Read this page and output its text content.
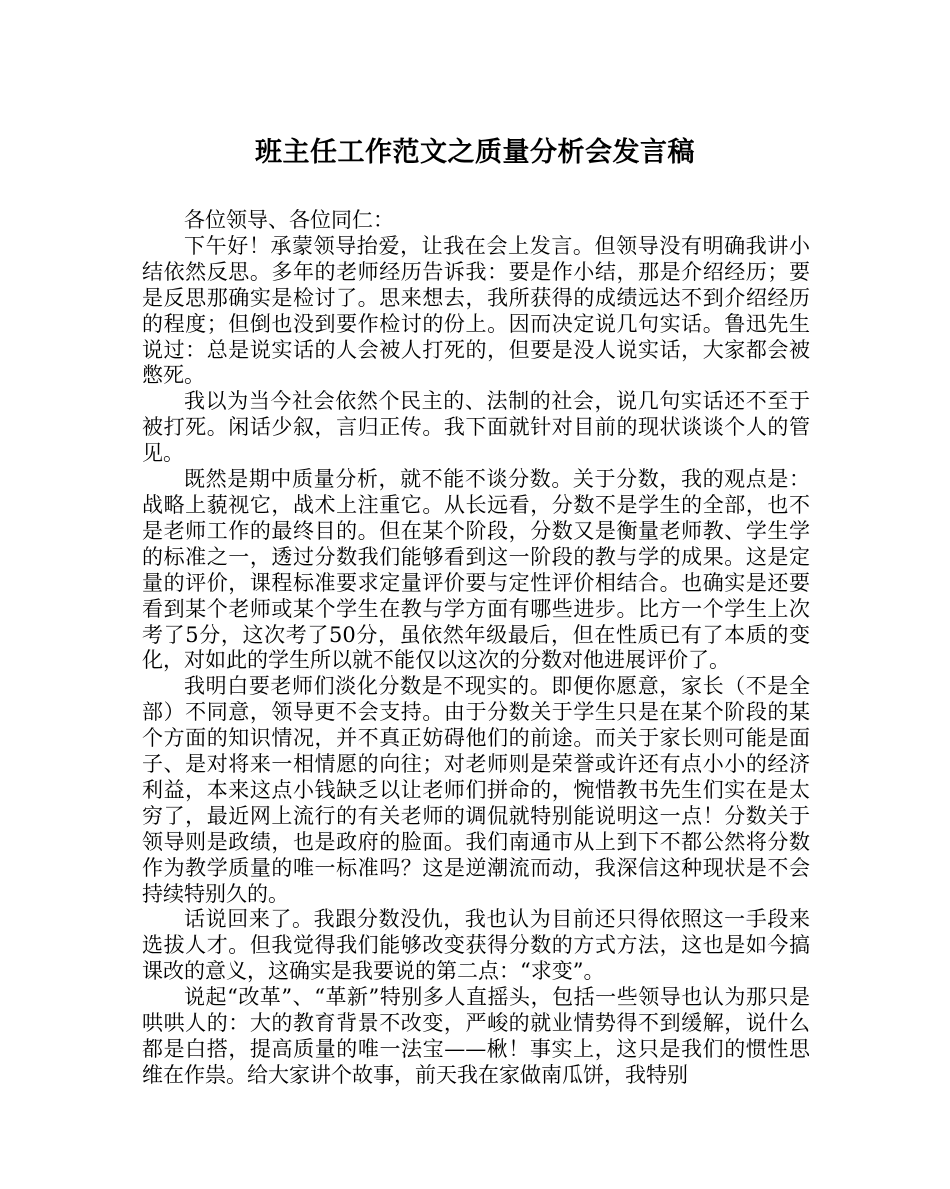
班主任工作范文之质量分析会发言稿

各位领导、各位同仁：

下午好！承蒙领导抬爱，让我在会上发言。但领导没有明确我讲小结依然反思。多年的老师经历告诉我：要是作小结，那是介绍经历；要是反思那确实是检讨了。思来想去，我所获得的成绩远达不到介绍经历的程度；但倒也没到要作检讨的份上。因而决定说几句实话。鲁迅先生说过：总是说实话的人会被人打死的，但要是没人说实话，大家都会被憋死。

我以为当今社会依然个民主的、法制的社会，说几句实话还不至于被打死。闲话少叙，言归正传。我下面就针对目前的现状谈谈个人的管见。

既然是期中质量分析，就不能不谈分数。关于分数，我的观点是：战略上藐视它，战术上注重它。从长远看，分数不是学生的全部，也不是老师工作的最终目的。但在某个阶段，分数又是衡量老师教、学生学的标准之一，透过分数我们能够看到这一阶段的教与学的成果。这是定量的评价，课程标准要求定量评价要与定性评价相结合。也确实是还要看到某个老师或某个学生在教与学方面有哪些进步。比方一个学生上次考了5分，这次考了50分，虽依然年级最后，但在性质已有了本质的变化，对如此的学生所以就不能仅以这次的分数对他进展评价了。

我明白要老师们淡化分数是不现实的。即便你愿意，家长（不是全部）不同意，领导更不会支持。由于分数关于学生只是在某个阶段的某个方面的知识情况，并不真正妨碍他们的前途。而关于家长则可能是面子、是对将来一相情愿的向往；对老师则是荣誉或许还有点小小的经济利益，本来这点小钱缺乏以让老师们拼命的，惋惜教书先生们实在是太穷了，最近网上流行的有关老师的调侃就特别能说明这一点！分数关于领导则是政绩，也是政府的脸面。我们南通市从上到下不都公然将分数作为教学质量的唯一标准吗？这是逆潮流而动，我深信这种现状是不会持续特别久的。

话说回来了。我跟分数没仇，我也认为目前还只得依照这一手段来选拔人才。但我觉得我们能够改变获得分数的方式方法，这也是如今搞课改的意义，这确实是我要说的第二点：“求变”。

说起“改革”、“革新”特别多人直摇头，包括一些领导也认为那只是哄哄人的：大的教育背景不改变，严峻的就业情势得不到缓解，说什么都是白搭，提高质量的唯一法宝——楸！事实上，这只是我们的惯性思维在作祟。给大家讲个故事，前天我在家做南瓜饼，我特别
